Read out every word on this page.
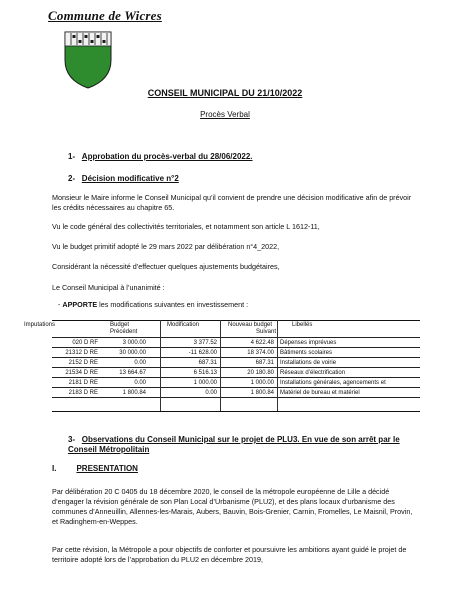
Commune de Wicres
CONSEIL MUNICIPAL DU 21/10/2022
Procès Verbal
1- Approbation du procès-verbal du 28/06/2022.
2- Décision modificative n°2
Monsieur le Maire informe le Conseil Municipal qu’il convient de prendre une décision modificative afin de prévoir les crédits nécessaires au chapitre 65.
Vu le code général des collectivités territoriales, et notamment son article L 1612-11,
Vu le budget primitif adopté le 29 mars 2022 par délibération n°4_2022,
Considérant la nécessité d’effectuer quelques ajustements budgétaires,
Le Conseil Municipal à l’unanimité :
- APPORTE les modifications suivantes en investissement :
Imputations	Budget
Précédent
Modification	Nouveau budget
Suivant
Libellés
020 D RF	3 000.00	3 377.52	4 622.48 Dépenses imprévues
21312 D RE	30 000.00	-11 628.00	18 374.00 Bâtiments scolaires
2152 D RE	0.00	687.31	687.31 Installations de voirie
21534 D RE	13 664.67	6 516.13	20 180.80 Réseaux d’électrification
2181 D RE	0.00	1 000.00	1 000.00 Installations générales, agencements et
2183 D RE	1 800.84	0.00	1 800.84 Matériel de bureau et matériel
3- Observations du Conseil Municipal sur le projet de PLU3. En vue de son arrêt par le Conseil Métropolitain
I.	PRESENTATION
Par délibération 20 C 0405 du 18 décembre 2020, le conseil de la métropole européenne de Lille a décidé d’engager la révision générale de son Plan Local d’Urbanisme (PLU2), et des plans locaux d’urbanisme des communes d’Anneuillin, Allennes-les-Marais, Aubers, Bauvin, Bois-Grenier, Carnin, Fromelles, Le Maisnil, Provin, et Radinghem-en-Weppes.
Par cette révision, la Métropole a pour objectifs de conforter et poursuivre les ambitions ayant guidé le projet de territoire adopté lors de l’approbation du PLU2 en décembre 2019,
